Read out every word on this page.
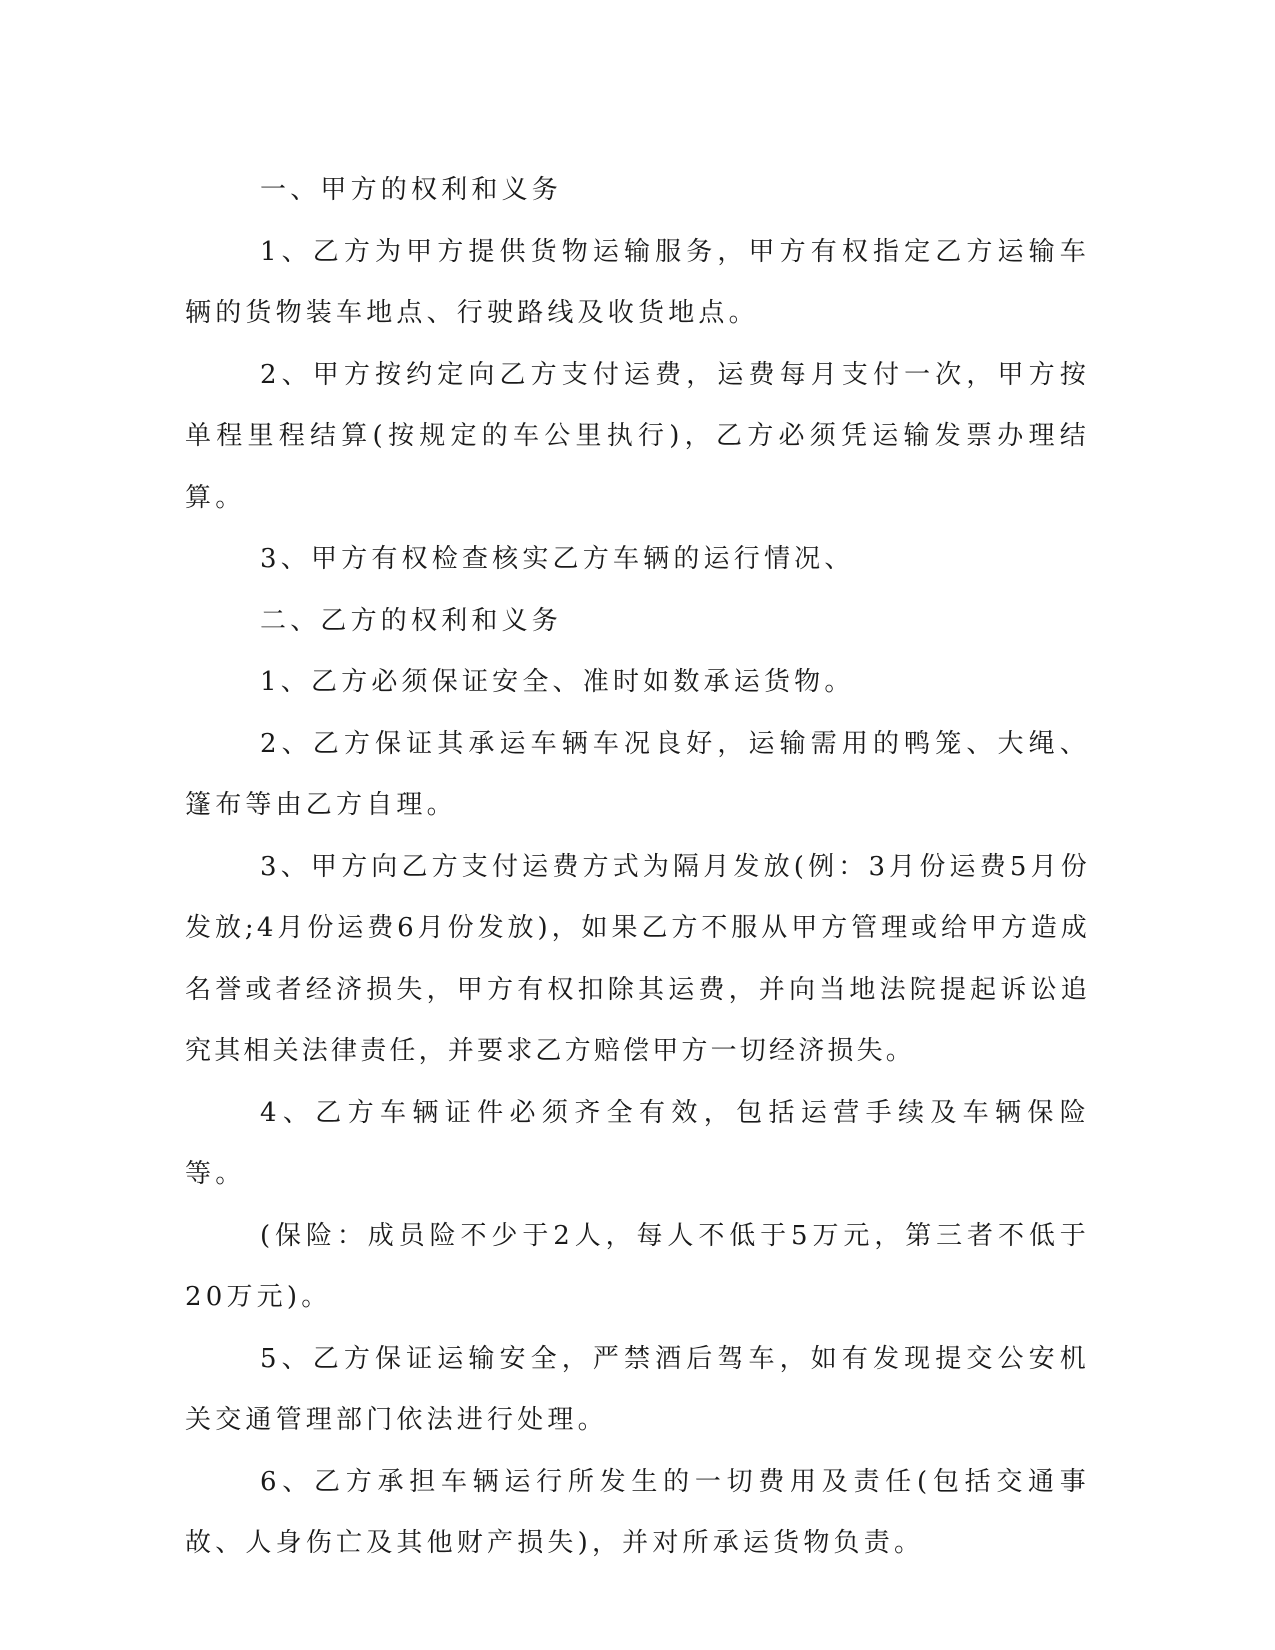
一、甲方的权利和义务

1、乙方为甲方提供货物运输服务，甲方有权指定乙方运输车辆的货物装车地点、行驶路线及收货地点。

2、甲方按约定向乙方支付运费，运费每月支付一次，甲方按单程里程结算(按规定的车公里执行)，乙方必须凭运输发票办理结算。

3、甲方有权检查核实乙方车辆的运行情况、

二、乙方的权利和义务

1、乙方必须保证安全、准时如数承运货物。

2、乙方保证其承运车辆车况良好，运输需用的鸭笼、大绳、篷布等由乙方自理。

3、甲方向乙方支付运费方式为隔月发放(例：3月份运费5月份发放;4月份运费6月份发放)，如果乙方不服从甲方管理或给甲方造成名誉或者经济损失，甲方有权扣除其运费，并向当地法院提起诉讼追究其相关法律责任，并要求乙方赔偿甲方一切经济损失。

4、乙方车辆证件必须齐全有效，包括运营手续及车辆保险等。

(保险：成员险不少于2人，每人不低于5万元，第三者不低于20万元)。

5、乙方保证运输安全，严禁酒后驾车，如有发现提交公安机关交通管理部门依法进行处理。

6、乙方承担车辆运行所发生的一切费用及责任(包括交通事故、人身伤亡及其他财产损失)，并对所承运货物负责。
